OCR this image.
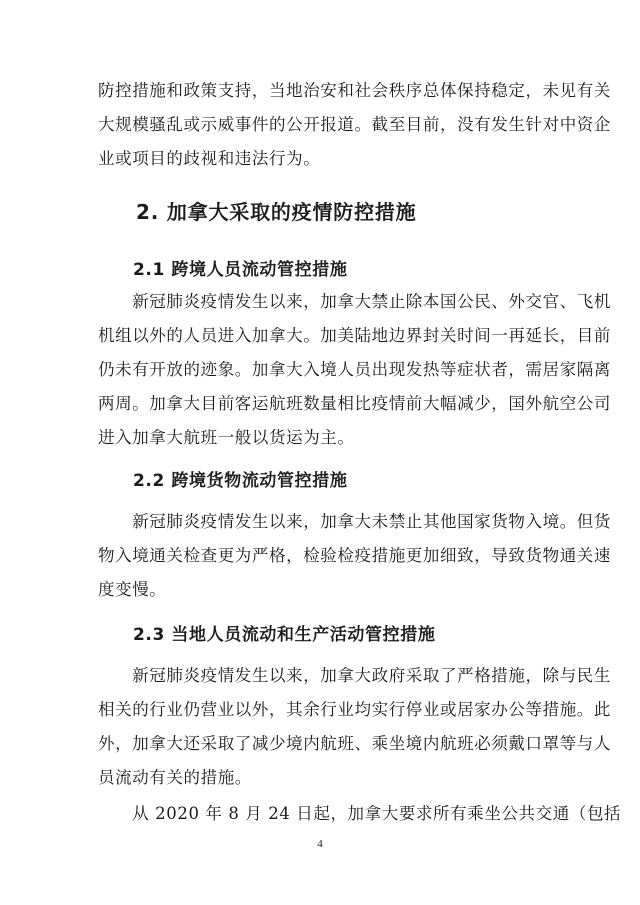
防控措施和政策支持，当地治安和社会秩序总体保持稳定，未见有关
大规模骚乱或示威事件的公开报道。截至目前，没有发生针对中资企
业或项目的歧视和违法行为。
2. 加拿大采取的疫情防控措施
2.1 跨境人员流动管控措施
　　新冠肺炎疫情发生以来，加拿大禁止除本国公民、外交官、飞机
机组以外的人员进入加拿大。加美陆地边界封关时间一再延长，目前
仍未有开放的迹象。加拿大入境人员出现发热等症状者，需居家隔离
两周。加拿大目前客运航班数量相比疫情前大幅减少，国外航空公司
进入加拿大航班一般以货运为主。
2.2 跨境货物流动管控措施
　　新冠肺炎疫情发生以来，加拿大未禁止其他国家货物入境。但货
物入境通关检查更为严格，检验检疫措施更加细致，导致货物通关速
度变慢。
2.3 当地人员流动和生产活动管控措施
　　新冠肺炎疫情发生以来，加拿大政府采取了严格措施，除与民生
相关的行业仍营业以外，其余行业均实行停业或居家办公等措施。此
外，加拿大还采取了减少境内航班、乘坐境内航班必须戴口罩等与人
员流动有关的措施。
　　从 2020 年 8 月 24 日起，加拿大要求所有乘坐公共交通（包括
4
